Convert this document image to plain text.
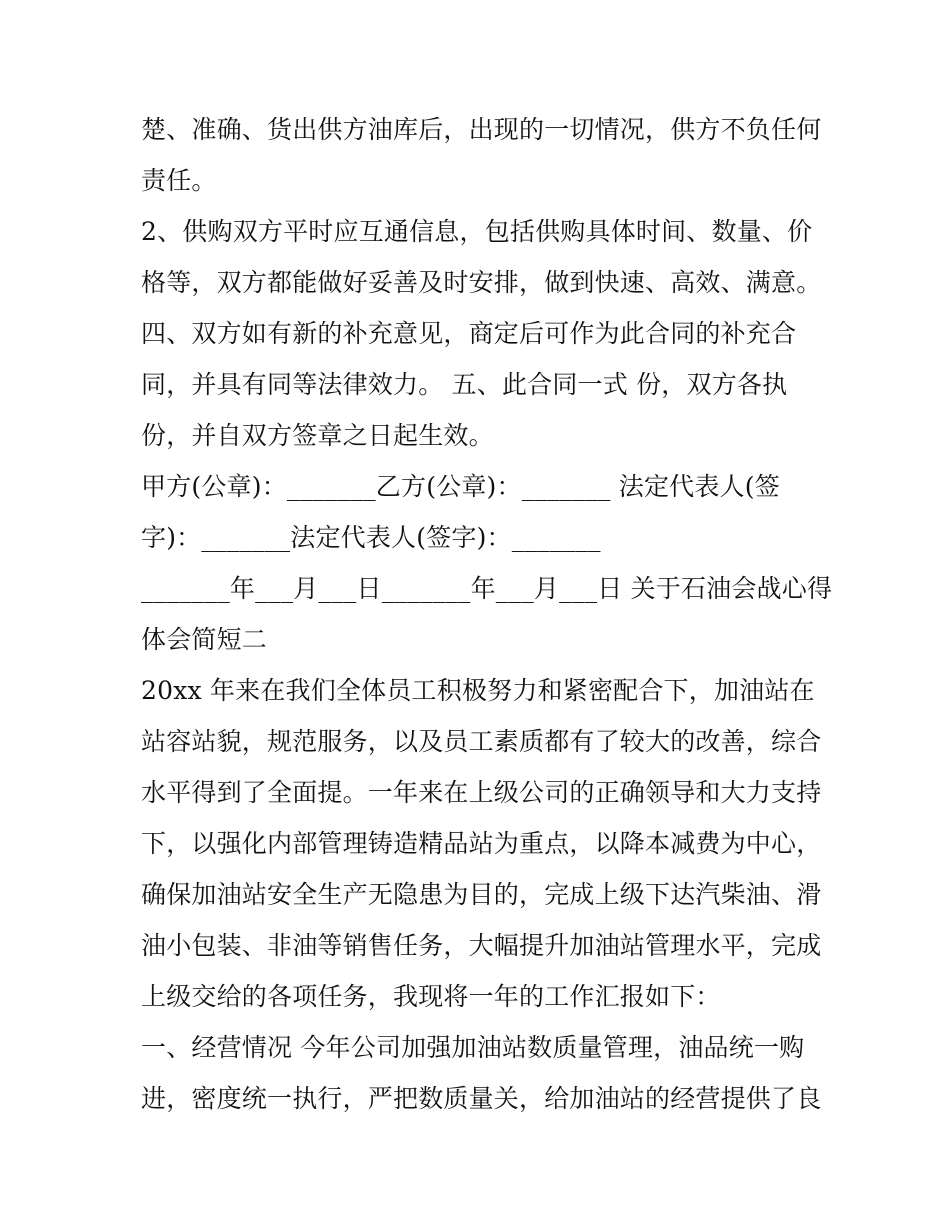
楚、准确、货出供方油库后，出现的一切情况，供方不负任何
责任。
2、供购双方平时应互通信息，包括供购具体时间、数量、价
格等，双方都能做好妥善及时安排，做到快速、高效、满意。
四、双方如有新的补充意见，商定后可作为此合同的补充合
同，并具有同等法律效力。 五、此合同一式 份，双方各执
份，并自双方签章之日起生效。
甲方(公章)：_______乙方(公章)：_______ 法定代表人(签
字)：_______法定代表人(签字)：_______
_______年___月___日_______年___月___日 关于石油会战心得
体会简短二
20xx 年来在我们全体员工积极努力和紧密配合下，加油站在
站容站貌，规范服务，以及员工素质都有了较大的改善，综合
水平得到了全面提。一年来在上级公司的正确领导和大力支持
下，以强化内部管理铸造精品站为重点，以降本减费为中心，
确保加油站安全生产无隐患为目的，完成上级下达汽柴油、滑
油小包装、非油等销售任务，大幅提升加油站管理水平，完成
上级交给的各项任务，我现将一年的工作汇报如下：
一、经营情况 今年公司加强加油站数质量管理，油品统一购
进，密度统一执行，严把数质量关，给加油站的经营提供了良
